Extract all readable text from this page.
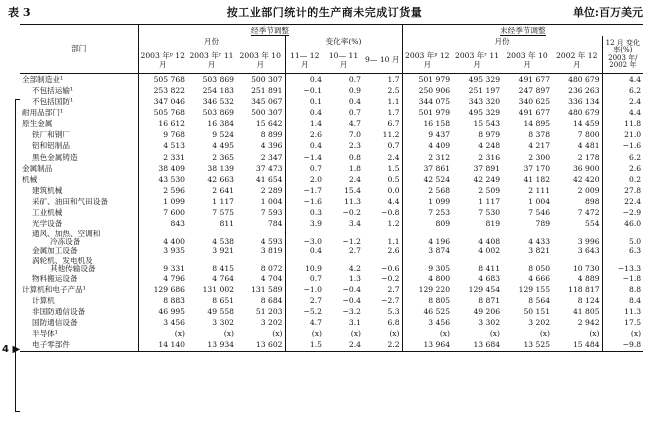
表 3	按工业部门统计的生产商未完成订货量	单位:百万美元
4 ▶
部门	经季节调整						未经季节调整				
	月份			变化率(%)			月份				12 月 变化率(%) 2003 年/ 2002 年
	2003 年ᵖ 12 月	2003 年ʳ 11 月	2003 年 10 月	11— 12 月	10— 11 月	9— 10 月	2003 年ᵖ 12 月	2003 年ʳ 11 月	2003 年 10 月	2002 年 12 月	
全部制造业¹	505 768	503 869	500 307	0.4	0.7	1.7	501 979	495 329	491 677	480 679	4.4
不包括运输¹	253 822	254 183	251 891	−0.1	0.9	2.5	250 906	251 197	247 897	236 263	6.2
不包括国防¹	347 046	346 532	345 067	0.1	0.4	1.1	344 075	343 320	340 625	336 134	2.4
耐用品部门¹	505 768	503 869	500 307	0.4	0.7	1.7	501 979	495 329	491 677	480 679	4.4
原生金属	16 612	16 384	15 642	1.4	4.7	6.7	16 158	15 543	14 895	14 459	11.8
铁厂和钢厂	9 768	9 524	8 899	2.6	7.0	11.2	9 437	8 979	8 378	7 800	21.0
铝和铝制品	4 513	4 495	4 396	0.4	2.3	0.7	4 409	4 248	4 217	4 481	−1.6
黑色金属铸造	2 331	2 365	2 347	−1.4	0.8	2.4	2 312	2 316	2 300	2 178	6.2
金属制品	38 409	38 139	37 473	0.7	1.8	1.5	37 861	37 891	37 170	36 900	2.6
机械	43 530	42 663	41 654	2.0	2.4	0.5	42 524	42 249	41 182	42 420	0.2
建筑机械	2 596	2 641	2 289	−1.7	15.4	0.0	2 568	2 509	2 111	2 009	27.8
采矿、油田和气田设备	1 099	1 117	1 004	−1.6	11.3	4.4	1 099	1 117	1 004	898	22.4
工业机械	7 600	7 575	7 593	0.3	−0.2	−0.8	7 253	7 530	7 546	7 472	−2.9
光学设备	843	811	784	3.9	3.4	1.2	809	819	789	554	46.0

通风、加热、空调和
冷冻设备	4 400	4 538	4 593	−3.0	−1.2	1.1	4 196	4 408	4 433	3 996	5.0
金属加工设备	3 935	3 921	3 819	0.4	2.7	2.6	3 874	4 002	3 821	3 643	6.3

涡轮机、发电机及
其他传输设备	9 331	8 415	8 072	10.9	4.2	−0.6	9 305	8 411	8 050	10 730	−13.3
物料搬运设备	4 796	4 764	4 704	0.7	1.3	−0.2	4 800	4 683	4 666	4 889	−1.8
计算机和电子产品¹	129 686	131 002	131 589	−1.0	−0.4	2.7	129 220	129 454	129 155	118 817	8.8
计算机	8 883	8 651	8 684	2.7	−0.4	−2.7	8 805	8 871	8 564	8 124	8.4
非国防通信设备	46 995	49 558	51 203	−5.2	−3.2	5.3	46 525	49 206	50 151	41 805	11.3
国防通信设备	3 456	3 302	3 202	4.7	3.1	6.8	3 456	3 302	3 202	2 942	17.5
半导体¹	(x)	(x)	(x)	(x)	(x)	(x)	(x)	(x)	(x)	(x)	(x)
电子零部件	14 140	13 934	13 602	1.5	2.4	2.2	13 964	13 684	13 525	15 484	−9.8
